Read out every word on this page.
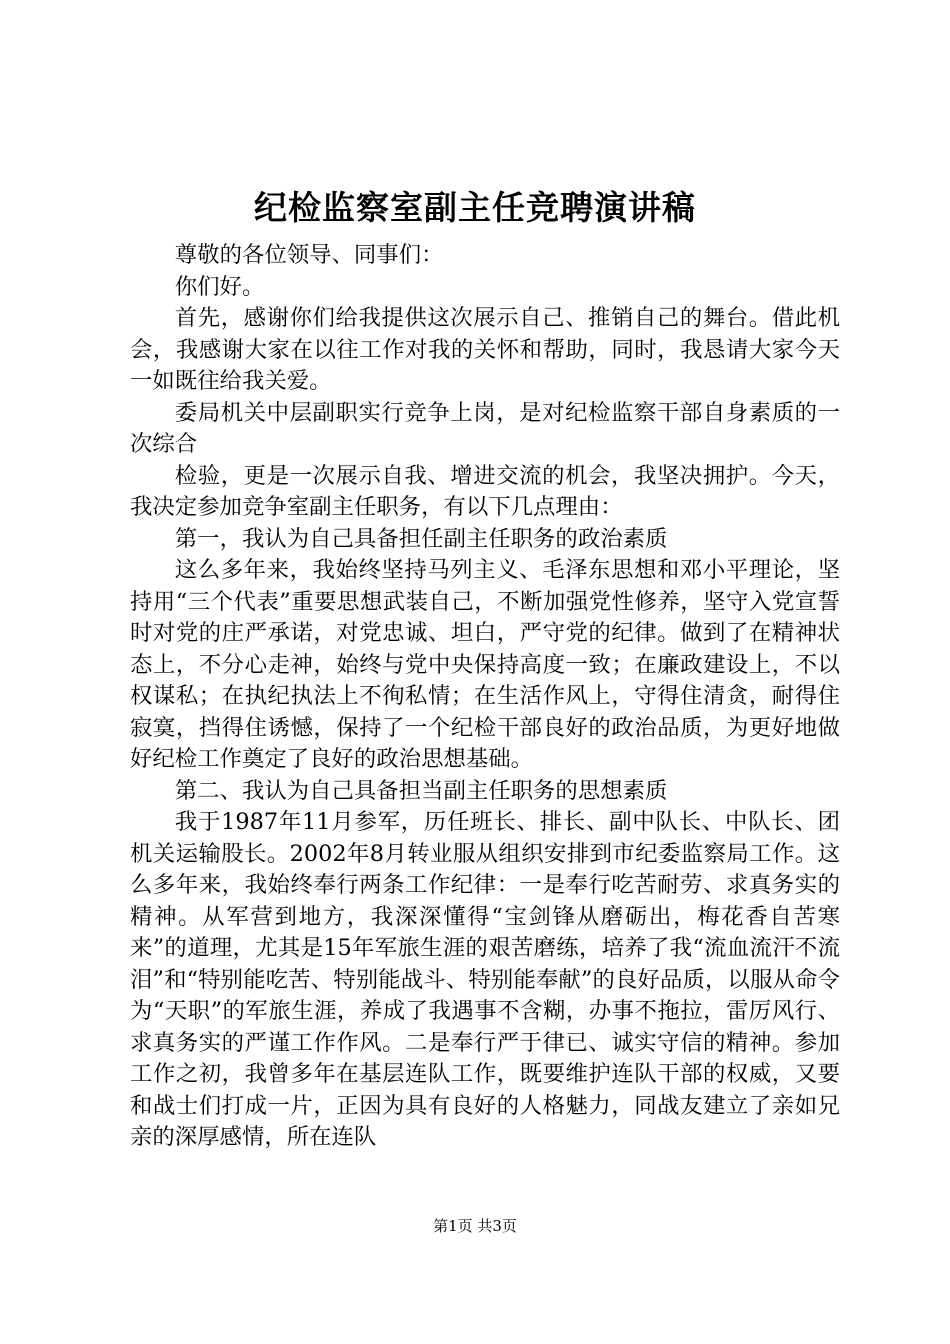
纪检监察室副主任竞聘演讲稿

尊敬的各位领导、同事们：

你们好。

首先，感谢你们给我提供这次展示自己、推销自己的舞台。借此机会，我感谢大家在以往工作对我的关怀和帮助，同时，我恳请大家今天一如既往给我关爱。

委局机关中层副职实行竞争上岗，是对纪检监察干部自身素质的一次综合

检验，更是一次展示自我、增进交流的机会，我坚决拥护。今天，我决定参加竞争室副主任职务，有以下几点理由：

第一，我认为自己具备担任副主任职务的政治素质

这么多年来，我始终坚持马列主义、毛泽东思想和邓小平理论，坚持用“三个代表”重要思想武装自己，不断加强党性修养，坚守入党宣誓时对党的庄严承诺，对党忠诚、坦白，严守党的纪律。做到了在精神状态上，不分心走神，始终与党中央保持高度一致；在廉政建设上，不以权谋私；在执纪执法上不徇私情；在生活作风上，守得住清贪，耐得住寂寞，挡得住诱憾，保持了一个纪检干部良好的政治品质，为更好地做好纪检工作奠定了良好的政治思想基础。

第二、我认为自己具备担当副主任职务的思想素质

我于1987年11月参军，历任班长、排长、副中队长、中队长、团机关运输股长。2002年8月转业服从组织安排到市纪委监察局工作。这么多年来，我始终奉行两条工作纪律：一是奉行吃苦耐劳、求真务实的精神。从军营到地方，我深深懂得“宝剑锋从磨砺出，梅花香自苦寒来”的道理，尤其是15年军旅生涯的艰苦磨练，培养了我“流血流汗不流泪”和“特别能吃苦、特别能战斗、特别能奉献”的良好品质，以服从命令为“天职”的军旅生涯，养成了我遇事不含糊，办事不拖拉，雷厉风行、求真务实的严谨工作作风。二是奉行严于律已、诚实守信的精神。参加工作之初，我曾多年在基层连队工作，既要维护连队干部的权威，又要和战士们打成一片，正因为具有良好的人格魅力，同战友建立了亲如兄亲的深厚感情，所在连队

第1页 共3页
